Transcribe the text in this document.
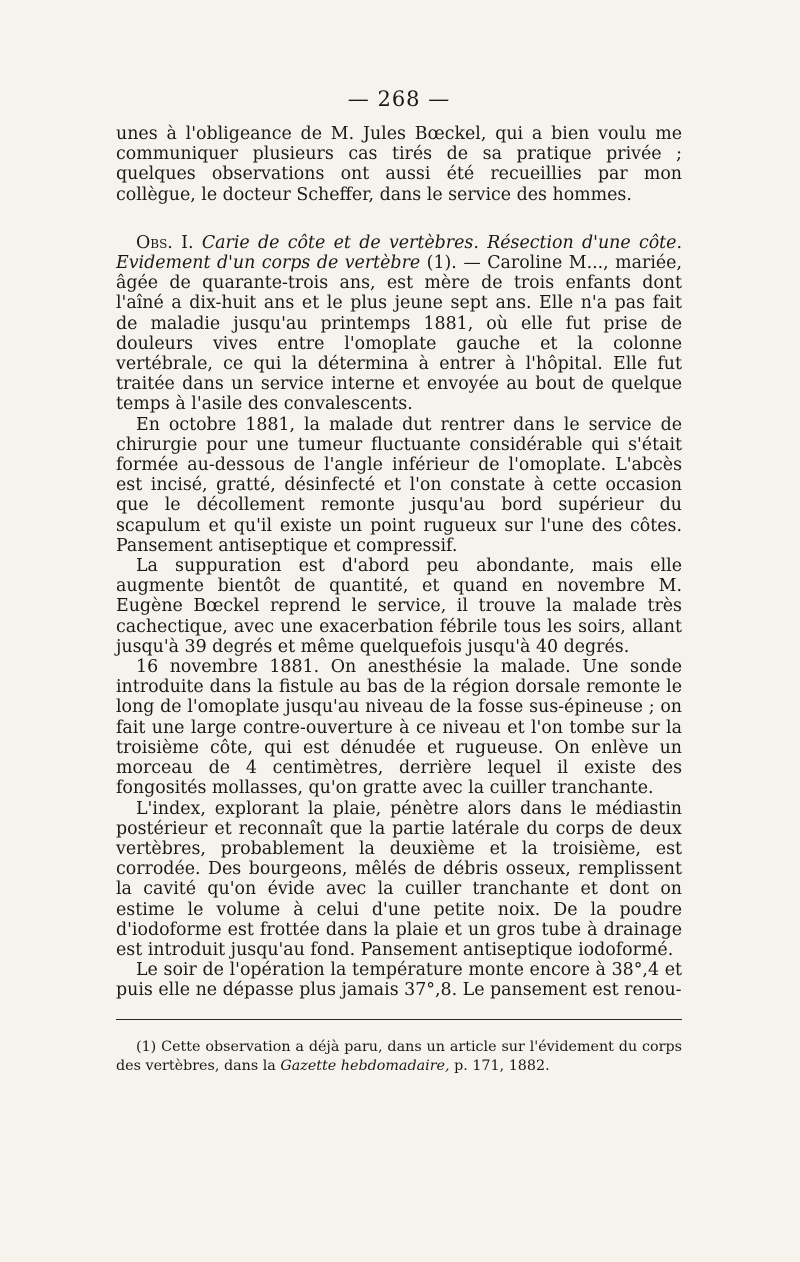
— 268 —

unes à l'obligeance de M. Jules Bœckel, qui a bien voulu me communiquer plusieurs cas tirés de sa pratique privée ; quelques observations ont aussi été recueillies par mon collègue, le docteur Scheffer, dans le service des hommes.

Obs. I. Carie de côte et de vertèbres. Résection d'une côte. Evidement d'un corps de vertèbre (1). — Caroline M..., mariée, âgée de quarante-trois ans, est mère de trois enfants dont l'aîné a dix-huit ans et le plus jeune sept ans. Elle n'a pas fait de maladie jusqu'au printemps 1881, où elle fut prise de douleurs vives entre l'omoplate gauche et la colonne vertébrale, ce qui la détermina à entrer à l'hôpital. Elle fut traitée dans un service interne et envoyée au bout de quelque temps à l'asile des convalescents.

En octobre 1881, la malade dut rentrer dans le service de chirurgie pour une tumeur fluctuante considérable qui s'était formée au-dessous de l'angle inférieur de l'omoplate. L'abcès est incisé, gratté, désinfecté et l'on constate à cette occasion que le décollement remonte jusqu'au bord supérieur du scapulum et qu'il existe un point rugueux sur l'une des côtes. Pansement antiseptique et compressif.

La suppuration est d'abord peu abondante, mais elle augmente bientôt de quantité, et quand en novembre M. Eugène Bœckel reprend le service, il trouve la malade très cachectique, avec une exacerbation fébrile tous les soirs, allant jusqu'à 39 degrés et même quelquefois jusqu'à 40 degrés.

16 novembre 1881. On anesthésie la malade. Une sonde introduite dans la fistule au bas de la région dorsale remonte le long de l'omoplate jusqu'au niveau de la fosse sus-épineuse ; on fait une large contre-ouverture à ce niveau et l'on tombe sur la troisième côte, qui est dénudée et rugueuse. On enlève un morceau de 4 centimètres, derrière lequel il existe des fongosités mollasses, qu'on gratte avec la cuiller tranchante.

L'index, explorant la plaie, pénètre alors dans le médiastin postérieur et reconnaît que la partie latérale du corps de deux vertèbres, probablement la deuxième et la troisième, est corrodée. Des bourgeons, mêlés de débris osseux, remplissent la cavité qu'on évide avec la cuiller tranchante et dont on estime le volume à celui d'une petite noix. De la poudre d'iodoforme est frottée dans la plaie et un gros tube à drainage est introduit jusqu'au fond. Pansement antiseptique iodoformé.

Le soir de l'opération la température monte encore à 38°,4 et puis elle ne dépasse plus jamais 37°,8. Le pansement est renou-

(1) Cette observation a déjà paru, dans un article sur l'évidement du corps des vertèbres, dans la Gazette hebdomadaire, p. 171, 1882.
